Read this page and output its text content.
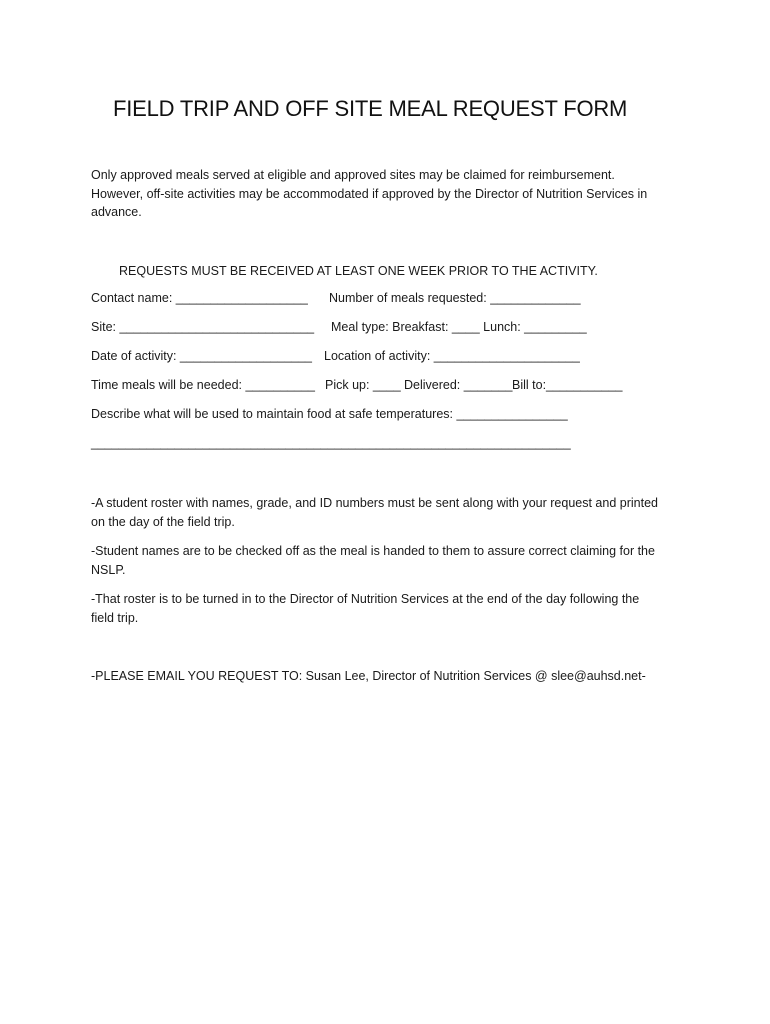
FIELD TRIP AND OFF SITE MEAL REQUEST FORM
Only approved meals served at eligible and approved sites may be claimed for reimbursement.
However, off-site activities may be accommodated if approved by the Director of Nutrition Services in
advance.
REQUESTS MUST BE RECEIVED AT LEAST ONE WEEK PRIOR TO THE ACTIVITY.
Contact name: ___________________ Number of meals requested: _____________
Site: ____________________________ Meal type: Breakfast: ____ Lunch: _________
Date of activity: ___________________ Location of activity: _____________________
Time meals will be needed: __________ Pick up: ____ Delivered: _______ Bill to:___________
Describe what will be used to maintain food at safe temperatures: ________________
_____________________________________________________________________
-A student roster with names, grade, and ID numbers must be sent along with your request and printed
on the day of the field trip.
-Student names are to be checked off as the meal is handed to them to assure correct claiming for the
NSLP.
-That roster is to be turned in to the Director of Nutrition Services at the end of the day following the
field trip.
-PLEASE EMAIL YOU REQUEST TO: Susan Lee, Director of Nutrition Services @ slee@auhsd.net-
